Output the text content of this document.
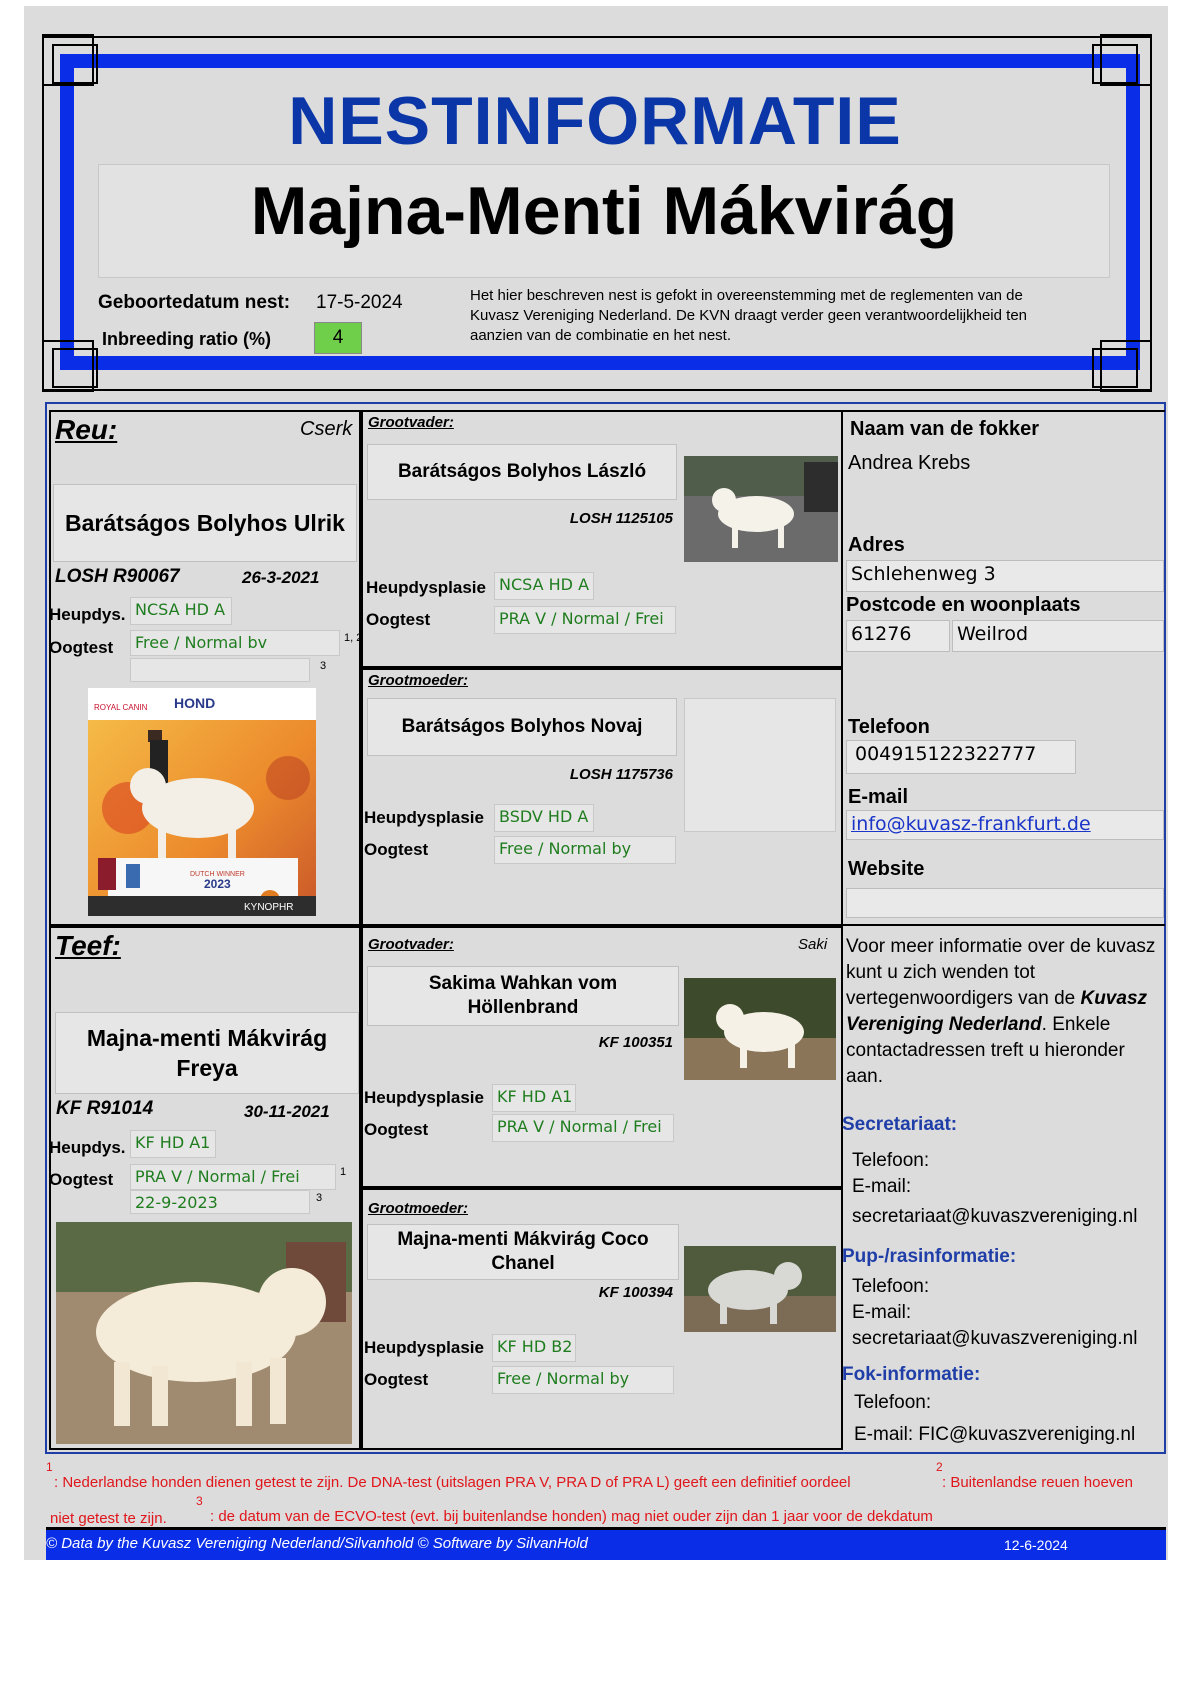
NESTINFORMATIE
Majna-Menti Mákvirág
Geboortedatum nest: 17-5-2024
Inbreeding ratio (%)	4
Het hier beschreven nest is gefokt in overeenstemming met de reglementen van de Kuvasz Vereniging Nederland. De KVN draagt verder geen verantwoordelijkheid ten aanzien van de combinatie en het nest.
Reu:	Cserk
Barátságos Bolyhos Ulrik
LOSH R90067	26-3-2021
Heupdys. NCSA HD A
Oogtest	Free / Normal bv	1, 2
3
ROYAL CANIN HOND
DUTCH WINNER
2023
KYNOPHR
Grootvader:
Barátságos Bolyhos László
LOSH 1125105
Heupdysplasie NCSA HD A
Oogtest	PRA V / Normal / Frei
Grootmoeder:
Barátságos Bolyhos Novaj
LOSH 1175736
Heupdysplasie BSDV HD A
Oogtest	Free / Normal by
Naam van de fokker
Andrea Krebs
Adres
Schlehenweg 3
Postcode en woonplaats
61276	Weilrod
Telefoon
004915122322777
E-mail
info@kuvasz-frankfurt.de
Website
Teef:
Majna-menti Mákvirág Freya
KF R91014	30-11-2021
Heupdys. KF HD A1
Oogtest	PRA V / Normal / Frei	1
22-9-2023	3
Grootvader:	Saki
Sakima Wahkan vom Höllenbrand
KF 100351
Heupdysplasie KF HD A1
Oogtest	PRA V / Normal / Frei
Grootmoeder:
Majna-menti Mákvirág Coco Chanel
KF 100394
Heupdysplasie KF HD B2
Oogtest	Free / Normal by
Voor meer informatie over de kuvasz kunt u zich wenden tot vertegenwoordigers van de Kuvasz Vereniging Nederland. Enkele contactadressen treft u hieronder aan.
Secretariaat:
Telefoon:
E-mail:
secretariaat@kuvaszvereniging.nl
Pup-/rasinformatie:
Telefoon:
E-mail:
secretariaat@kuvaszvereniging.nl
Fok-informatie:
Telefoon:
E-mail: FIC@kuvaszvereniging.nl
1
: Nederlandse honden dienen getest te zijn. De DNA-test (uitslagen PRA V, PRA D of PRA L) geeft een definitief oordeel
2
: Buitenlandse reuen hoeven
niet getest te zijn.
3
: de datum van de ECVO-test (evt. bij buitenlandse honden) mag niet ouder zijn dan 1 jaar voor de dekdatum
© Data by the Kuvasz Vereniging Nederland/Silvanhold © Software by SilvanHold	12-6-2024
